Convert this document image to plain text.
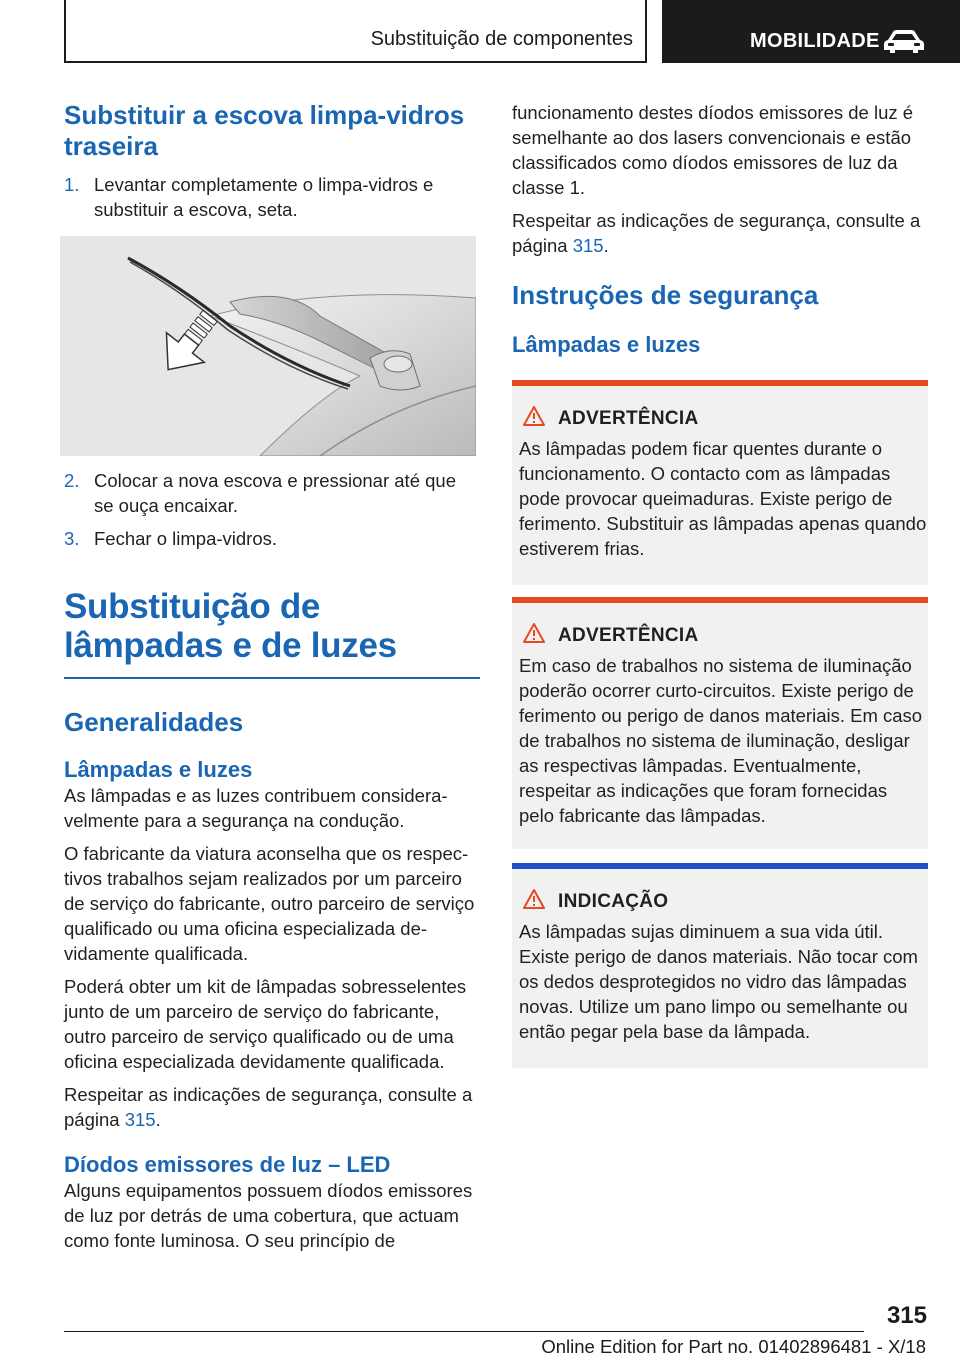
Substituição de componentes	MOBILIDADE
Substituir a escova limpa-vidros traseira
1. Levantar completamente o limpa-vidros e substituir a escova, seta.
2. Colocar a nova escova e pressionar até que se ouça encaixar.
3. Fechar o limpa-vidros.
Substituição de lâmpadas e de luzes
Generalidades
Lâmpadas e luzes

As lâmpadas e as luzes contribuem consideravelmente para a segurança na condução.

O fabricante da viatura aconselha que os respectivos trabalhos sejam realizados por um parceiro de serviço do fabricante, outro parceiro de serviço qualificado ou uma oficina especializada devidamente qualificada.

Poderá obter um kit de lâmpadas sobresselentes junto de um parceiro de serviço do fabricante, outro parceiro de serviço qualificado ou de uma oficina especializada devidamente qualificada.

Respeitar as indicações de segurança, consulte a página 315.

Díodos emissores de luz – LED

Alguns equipamentos possuem díodos emissores de luz por detrás de uma cobertura, que actuam como fonte luminosa. O seu princípio de

funcionamento destes díodos emissores de luz é semelhante ao dos lasers convencionais e estão classificados como díodos emissores de luz da classe 1.

Respeitar as indicações de segurança, consulte a página 315.

Instruções de segurança
Lâmpadas e luzes
ADVERTÊNCIA
As lâmpadas podem ficar quentes durante o funcionamento. O contacto com as lâmpadas pode provocar queimaduras. Existe perigo de ferimento. Substituir as lâmpadas apenas quando estiverem frias.
ADVERTÊNCIA
Em caso de trabalhos no sistema de iluminação poderão ocorrer curto-circuitos. Existe perigo de ferimento ou perigo de danos materiais. Em caso de trabalhos no sistema de iluminação, desligar as respectivas lâmpadas. Eventualmente, respeitar as indicações que foram fornecidas pelo fabricante das lâmpadas.
INDICAÇÃO
As lâmpadas sujas diminuem a sua vida útil. Existe perigo de danos materiais. Não tocar com os dedos desprotegidos no vidro das lâmpadas novas. Utilize um pano limpo ou semelhante ou então pegar pela base da lâmpada.
315
Online Edition for Part no. 01402896481 - X/18
